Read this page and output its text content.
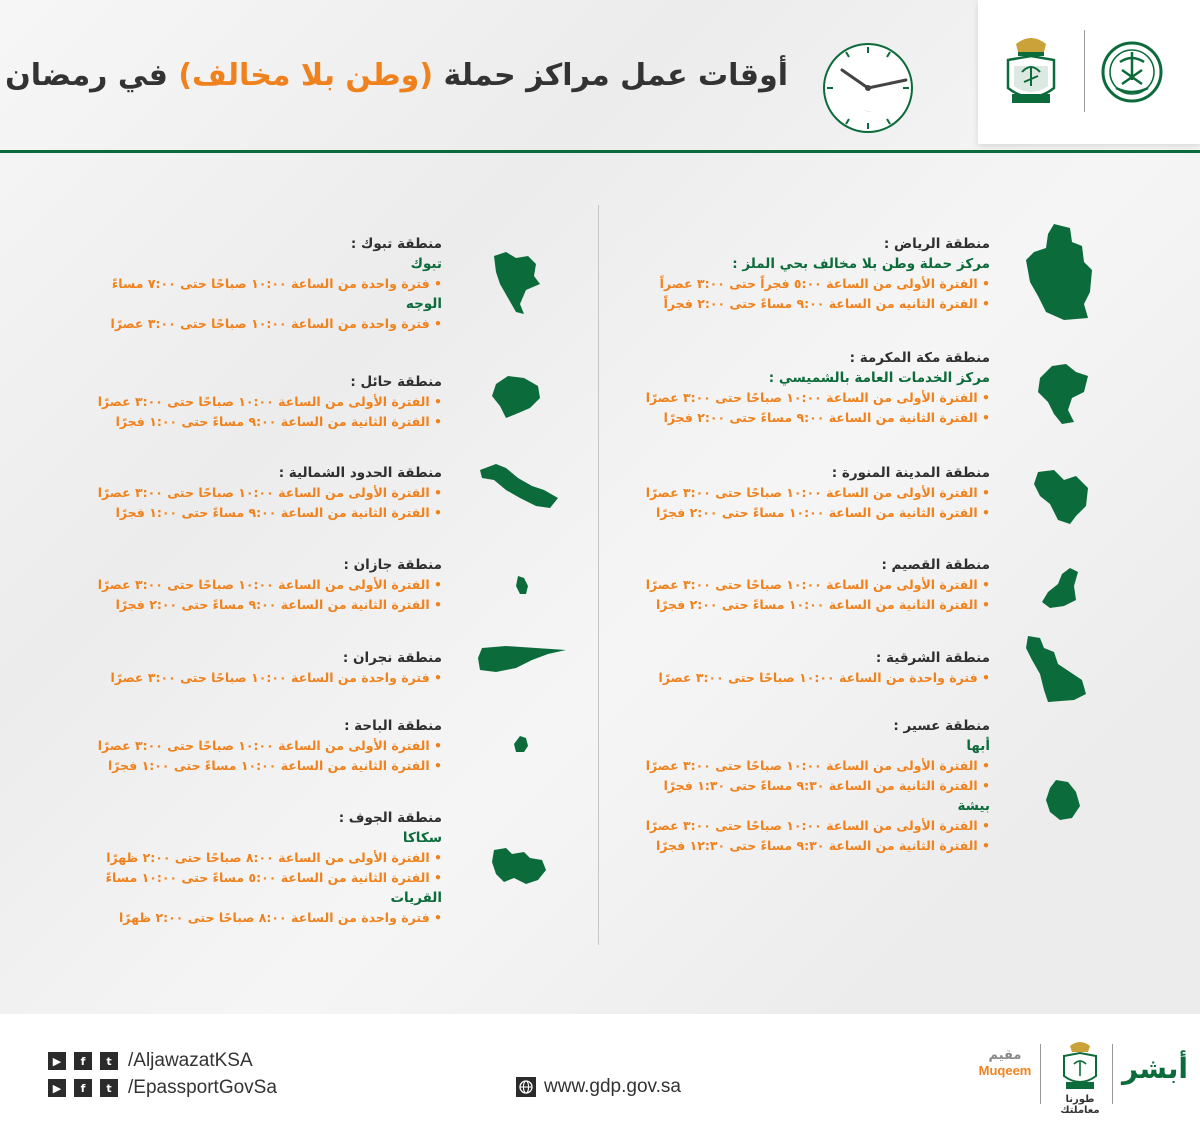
أوقات عمل مراكز حملة (وطن بلا مخالف) في رمضان
منطقة الرياض :
مركز حملة وطن بلا مخالف بحي الملز :
• الفترة الأولى من الساعة ٥:٠٠ فجراً حتى ٣:٠٠ عصراً
• الفترة الثانيه من الساعة ٩:٠٠ مساءً حتى ٢:٠٠ فجراً
منطقة مكة المكرمة :
مركز الخدمات العامة بالشميسي :
• الفترة الأولى من الساعة ١٠:٠٠ صباحًا حتى ٣:٠٠ عصرًا
• الفترة الثانية من الساعة ٩:٠٠ مساءً حتى ٢:٠٠ فجرًا
منطقة المدينة المنورة :
• الفترة الأولى من الساعة ١٠:٠٠ صباحًا حتى ٣:٠٠ عصرًا
• الفترة الثانية من الساعة ١٠:٠٠ مساءً حتى ٢:٠٠ فجرًا
منطقة القصيم :
• الفترة الأولى من الساعة ١٠:٠٠ صباحًا حتى ٣:٠٠ عصرًا
• الفترة الثانية من الساعة ١٠:٠٠ مساءً حتى ٢:٠٠ فجرًا
منطقة الشرقية :
• فترة واحدة من الساعة ١٠:٠٠ صباحًا حتى ٣:٠٠ عصرًا
منطقة عسير :
أبها
• الفترة الأولى من الساعة ١٠:٠٠ صباحًا حتى ٣:٠٠ عصرًا
• الفترة الثانية من الساعة ٩:٣٠ مساءً حتى ١:٣٠ فجرًا
بيشة
• الفترة الأولى من الساعة ١٠:٠٠ صباحًا حتى ٣:٠٠ عصرًا
• الفترة الثانية من الساعة ٩:٣٠ مساءً حتى ١٢:٣٠ فجرًا
منطقة تبوك :
تبوك
• فترة واحدة من الساعة ١٠:٠٠ صباحًا حتى ٧:٠٠ مساءً
الوجه
• فترة واحدة من الساعة ١٠:٠٠ صباحًا حتى ٣:٠٠ عصرًا
منطقة حائل :
• الفترة الأولى من الساعة ١٠:٠٠ صباحًا حتى ٣:٠٠ عصرًا
• الفترة الثانية من الساعة ٩:٠٠ مساءً حتى ١:٠٠ فجرًا
منطقة الحدود الشمالية :
• الفترة الأولى من الساعة ١٠:٠٠ صباحًا حتى ٣:٠٠ عصرًا
• الفترة الثانية من الساعة ٩:٠٠ مساءً حتى ١:٠٠ فجرًا
منطقة جازان :
• الفترة الأولى من الساعة ١٠:٠٠ صباحًا حتى ٣:٠٠ عصرًا
• الفترة الثانية من الساعة ٩:٠٠ مساءً حتى ٢:٠٠ فجرًا
منطقة نجران :
• فترة واحدة من الساعة ١٠:٠٠ صباحًا حتى ٣:٠٠ عصرًا
منطقة الباحة :
• الفترة الأولى من الساعة ١٠:٠٠ صباحًا حتى ٣:٠٠ عصرًا
• الفترة الثانية من الساعة ١٠:٠٠ مساءً حتى ١:٠٠ فجرًا
منطقة الجوف :
سكاكا
• الفترة الأولى من الساعة ٨:٠٠ صباحًا حتى ٢:٠٠ ظهرًا
• الفترة الثانية من الساعة ٥:٠٠ مساءً حتى ١٠:٠٠ مساءً
القريات
• فترة واحدة من الساعة ٨:٠٠ صباحًا حتى ٢:٠٠ ظهرًا
▶	f	t /AljawazatKSA
▶	f	t /EpassportGovSa	www.gdp.gov.sa
مقيم
Muqeem
طورنا معاملتك
أبشر
